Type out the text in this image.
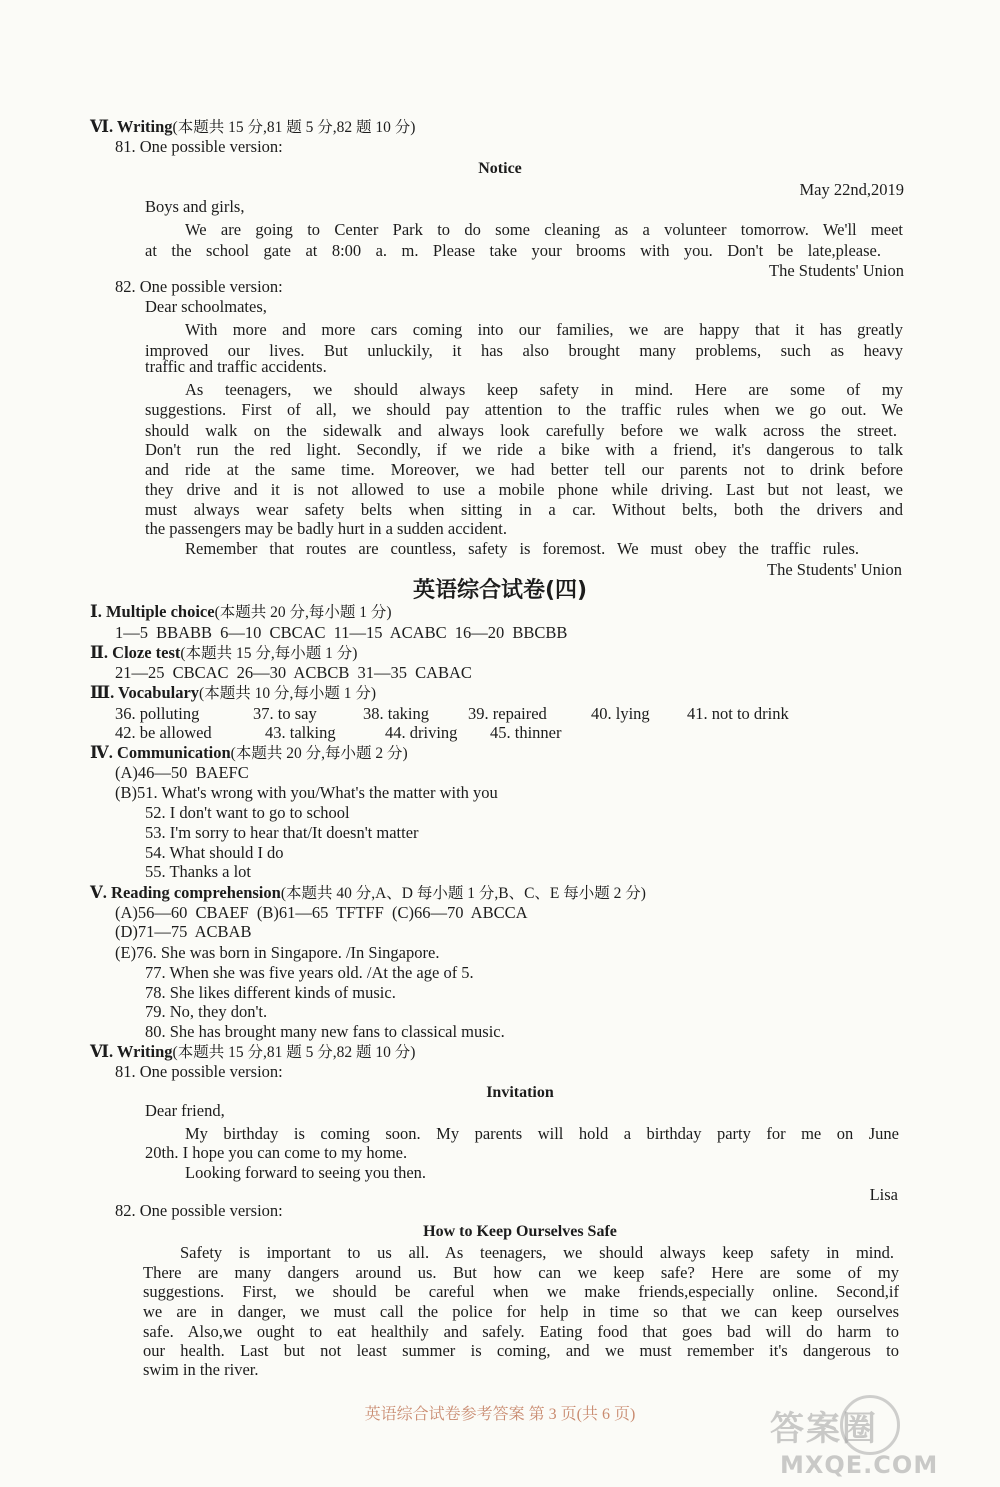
Ⅵ. Writing(本题共 15 分,81 题 5 分,82 题 10 分)
81. One possible version:
Notice
May 22nd,2019
Boys and girls,
We are going to Center Park to do some cleaning as a volunteer tomorrow. We'll meet
at the school gate at 8:00 a. m. Please take your brooms with you. Don't be late,please.
The Students' Union
82. One possible version:
Dear schoolmates,
With more and more cars coming into our families, we are happy that it has greatly
improved our lives. But unluckily, it has also brought many problems, such as heavy
traffic and traffic accidents.
As teenagers, we should always keep safety in mind. Here are some of my
suggestions. First of all, we should pay attention to the traffic rules when we go out. We
should walk on the sidewalk and always look carefully before we walk across the street.
Don't run the red light. Secondly, if we ride a bike with a friend, it's dangerous to talk
and ride at the same time. Moreover, we had better tell our parents not to drink before
they drive and it is not allowed to use a mobile phone while driving. Last but not least, we
must always wear safety belts when sitting in a car. Without belts, both the drivers and
the passengers may be badly hurt in a sudden accident.
Remember that routes are countless, safety is foremost. We must obey the traffic rules.
The Students' Union
英语综合试卷(四)
Ⅰ. Multiple choice(本题共 20 分,每小题 1 分)
1—5 BBABB 6—10 CBCAC 11—15 ACABC 16—20 BBCBB
Ⅱ. Cloze test(本题共 15 分,每小题 1 分)
21—25 CBCAC 26—30 ACBCB 31—35 CABAC
Ⅲ. Vocabulary(本题共 10 分,每小题 1 分)
36. polluting	37. to say	38. taking 39. repaired	40. lying 41. not to drink
42. be allowed	43. talking	44. driving 45. thinner
Ⅳ. Communication(本题共 20 分,每小题 2 分)
(A)46—50 BAEFC
(B)51. What's wrong with you/What's the matter with you
52. I don't want to go to school
53. I'm sorry to hear that/It doesn't matter
54. What should I do
55. Thanks a lot
Ⅴ. Reading comprehension(本题共 40 分,A、D 每小题 1 分,B、C、E 每小题 2 分)
(A)56—60 CBAEF (B)61—65 TFTFF (C)66—70 ABCCA
(D)71—75 ACBAB
(E)76. She was born in Singapore. /In Singapore.
77. When she was five years old. /At the age of 5.
78. She likes different kinds of music.
79. No, they don't.
80. She has brought many new fans to classical music.
Ⅵ. Writing(本题共 15 分,81 题 5 分,82 题 10 分)
81. One possible version:
Invitation
Dear friend,
My birthday is coming soon. My parents will hold a birthday party for me on June
20th. I hope you can come to my home.
Looking forward to seeing you then.
Lisa
82. One possible version:
How to Keep Ourselves Safe
Safety is important to us all. As teenagers, we should always keep safety in mind.
There are many dangers around us. But how can we keep safe? Here are some of my
suggestions. First, we should be careful when we make friends,especially online. Second,if
we are in danger, we must call the police for help in time so that we can keep ourselves
safe. Also,we ought to eat healthily and safely. Eating food that goes bad will do harm to
our health. Last but not least summer is coming, and we must remember it's dangerous to
swim in the river.
英语综合试卷参考答案 第 3 页(共 6 页)	答案圈
MXQE.COM
